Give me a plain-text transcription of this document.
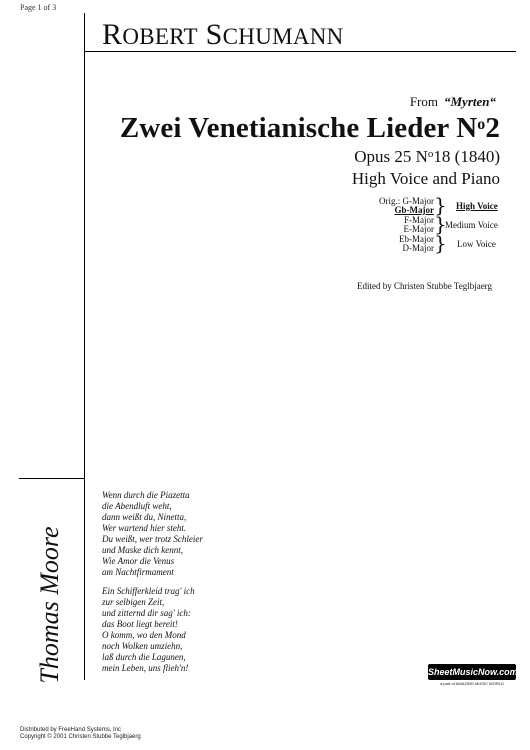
Page 1 of 3
ROBERT SCHUMANN
From “Myrten“
Zwei Venetianische Lieder $N^o2$
Opus 25 $N^o18$ (1840)
High Voice and Piano
Orig.: G-Major
Gb-Major } High Voice
F-Major
E-Major }
Medium Voice
Eb-Major
D-Major } Low Voice
Edited by Christen Stubbe Teglbjaerg
Thomas Moore
Wenn durch die Piazetta
die Abendluft weht,
dann weißt du, Ninetta,
Wer wartend hier steht.
Du weißt, wer trotz Schleier
und Maske dich kennt,
Wie Amor die Venus
am Nachtfirmament
Ein Schifferkleid trag' ich
zur selbigen Zeit,
und zitternd dir sag' ich:
das Boot liegt bereit!
O komm, wo den Mond
noch Wolken umziehn,
laß durch die Lagunen,
mein Leben, uns flieh'n!	SheetMusicNow.com
a part of AMAZING MUSIC WORLD
Distributed by FreeHand Systems, Inc
Copyright © 2001 Christen Stubbe Teglbjaerg
